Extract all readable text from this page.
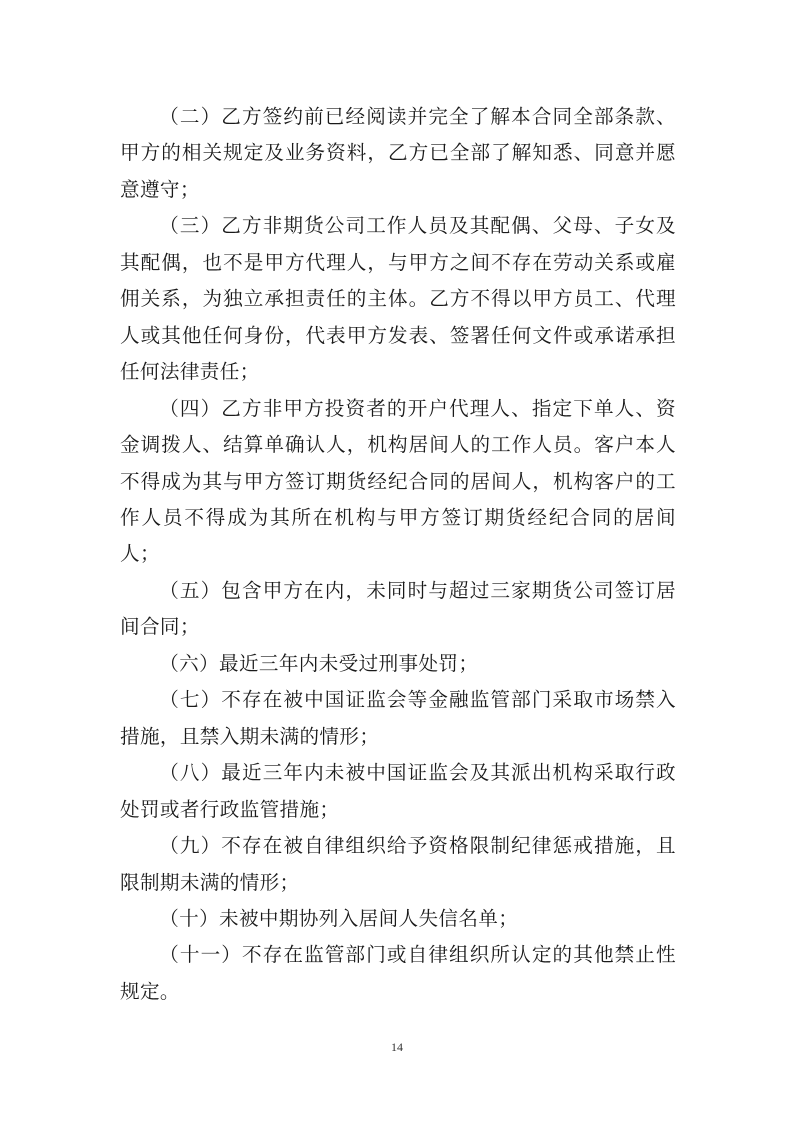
（二）乙方签约前已经阅读并完全了解本合同全部条款、甲方的相关规定及业务资料，乙方已全部了解知悉、同意并愿意遵守；

（三）乙方非期货公司工作人员及其配偶、父母、子女及其配偶，也不是甲方代理人，与甲方之间不存在劳动关系或雇佣关系，为独立承担责任的主体。乙方不得以甲方员工、代理人或其他任何身份，代表甲方发表、签署任何文件或承诺承担任何法律责任；

（四）乙方非甲方投资者的开户代理人、指定下单人、资金调拨人、结算单确认人，机构居间人的工作人员。客户本人不得成为其与甲方签订期货经纪合同的居间人，机构客户的工作人员不得成为其所在机构与甲方签订期货经纪合同的居间人；

（五）包含甲方在内，未同时与超过三家期货公司签订居间合同；

（六）最近三年内未受过刑事处罚；

（七）不存在被中国证监会等金融监管部门采取市场禁入措施，且禁入期未满的情形；

（八）最近三年内未被中国证监会及其派出机构采取行政处罚或者行政监管措施；

（九）不存在被自律组织给予资格限制纪律惩戒措施，且限制期未满的情形；

（十）未被中期协列入居间人失信名单；

（十一）不存在监管部门或自律组织所认定的其他禁止性规定。

14
